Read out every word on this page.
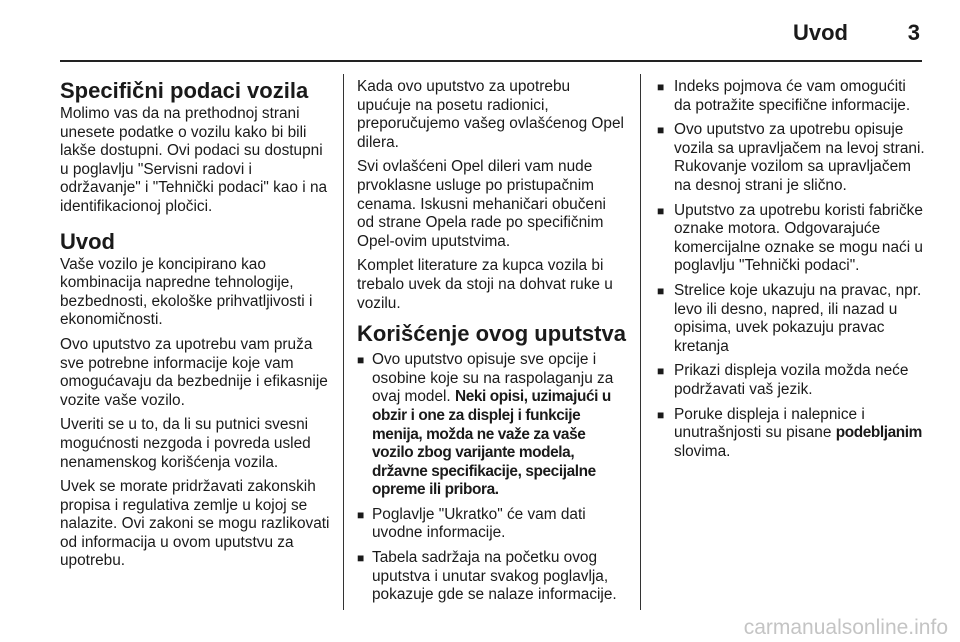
Uvod	3
Specifični podaci vozila

Molimo vas da na prethodnoj strani unesete podatke o vozilu kako bi bili lakše dostupni. Ovi podaci su dostupni u poglavlju "Servisni radovi i održavanje" i "Tehnički podaci" kao i na identifikacionoj pločici.

Uvod

Vaše vozilo je koncipirano kao kombinacija napredne tehnologije, bezbednosti, ekološke prihvatljivosti i ekonomičnosti.

Ovo uputstvo za upotrebu vam pruža sve potrebne informacije koje vam omogućavaju da bezbednije i efikasnije vozite vaše vozilo.

Uveriti se u to, da li su putnici svesni mogućnosti nezgoda i povreda usled nenamenskog korišćenja vozila.

Uvek se morate pridržavati zakonskih propisa i regulativa zemlje u kojoj se nalazite. Ovi zakoni se mogu razlikovati od informacija u ovom uputstvu za upotrebu.

Kada ovo uputstvo za upotrebu upućuje na posetu radionici, preporučujemo vašeg ovlašćenog Opel dilera.

Svi ovlašćeni Opel dileri vam nude prvoklasne usluge po pristupačnim cenama. Iskusni mehaničari obučeni od strane Opela rade po specifičnim Opel-ovim uputstvima.

Komplet literature za kupca vozila bi trebalo uvek da stoji na dohvat ruke u vozilu.

Korišćenje ovog uputstva
■ Ovo uputstvo opisuje sve opcije i osobine koje su na raspolaganju za ovaj model. Neki opisi, uzimajući u obzir i one za displej i funkcije menija, možda ne važe za vaše vozilo zbog varijante modela, državne specifikacije, specijalne opreme ili pribora.
■ Poglavlje "Ukratko" će vam dati uvodne informacije.
■ Tabela sadržaja na početku ovog uputstva i unutar svakog poglavlja, pokazuje gde se nalaze informacije.
■ Indeks pojmova će vam omogućiti da potražite specifične informacije.
■ Ovo uputstvo za upotrebu opisuje vozila sa upravljačem na levoj strani. Rukovanje vozilom sa upravljačem na desnoj strani je slično.
■ Uputstvo za upotrebu koristi fabričke oznake motora. Odgovarajuće komercijalne oznake se mogu naći u poglavlju "Tehnički podaci".
■ Strelice koje ukazuju na pravac, npr. levo ili desno, napred, ili nazad u opisima, uvek pokazuju pravac kretanja
■ Prikazi displeja vozila možda neće podržavati vaš jezik.
■ Poruke displeja i nalepnice i unutrašnjosti su pisane podebljanim slovima.
carmanualsonline.info
